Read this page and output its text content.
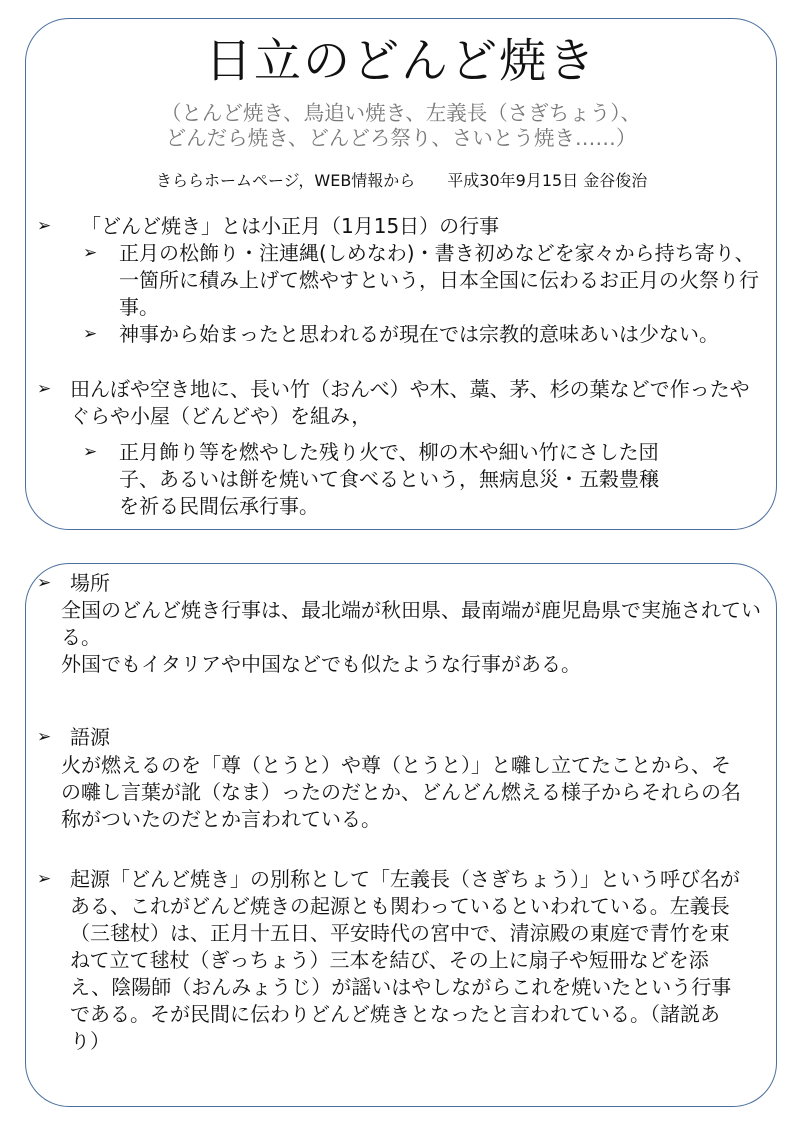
日立のどんど焼き
（とんど焼き、鳥追い焼き、左義長（さぎちょう）、
どんだら焼き、どんどろ祭り、さいとう焼き……）
きららホームページ，WEB情報から　　平成30年9月15日 金谷俊治
➢	「どんど焼き」とは小正月（1月15日）の行事
➢	正月の松飾り・注連縄(しめなわ)・書き初めなどを家々から持ち寄り、一箇所に積み上げて燃やすという，日本全国に伝わるお正月の火祭り行事。
➢	神事から始まったと思われるが現在では宗教的意味あいは少ない。
➢ 田んぼや空き地に、長い竹（おんべ）や木、藁、茅、杉の葉などで作ったやぐらや小屋（どんどや）を組み，
➢	正月飾り等を燃やした残り火で、柳の木や細い竹にさした団子、あるいは餅を焼いて食べるという，無病息災・五穀豊穣を祈る民間伝承行事。
➢ 場所
全国のどんど焼き行事は、最北端が秋田県、最南端が鹿児島県で実施されている。
外国でもイタリアや中国などでも似たような行事がある。
➢ 語源
火が燃えるのを「尊（とうと）や尊（とうと）」と囃し立てたことから、その囃し言葉が訛（なま）ったのだとか、どんどん燃える様子からそれらの名称がついたのだとか言われている。
➢ 起源「どんど焼き」の別称として「左義長（さぎちょう）」という呼び名がある、これがどんど焼きの起源とも関わっているといわれている。左義長（三毬杖）は、正月十五日、平安時代の宮中で、清涼殿の東庭で青竹を束ねて立て毬杖（ぎっちょう）三本を結び、その上に扇子や短冊などを添え、陰陽師（おんみょうじ）が謡いはやしながらこれを焼いたという行事である。そが民間に伝わりどんど焼きとなったと言われている。（諸説あり）
